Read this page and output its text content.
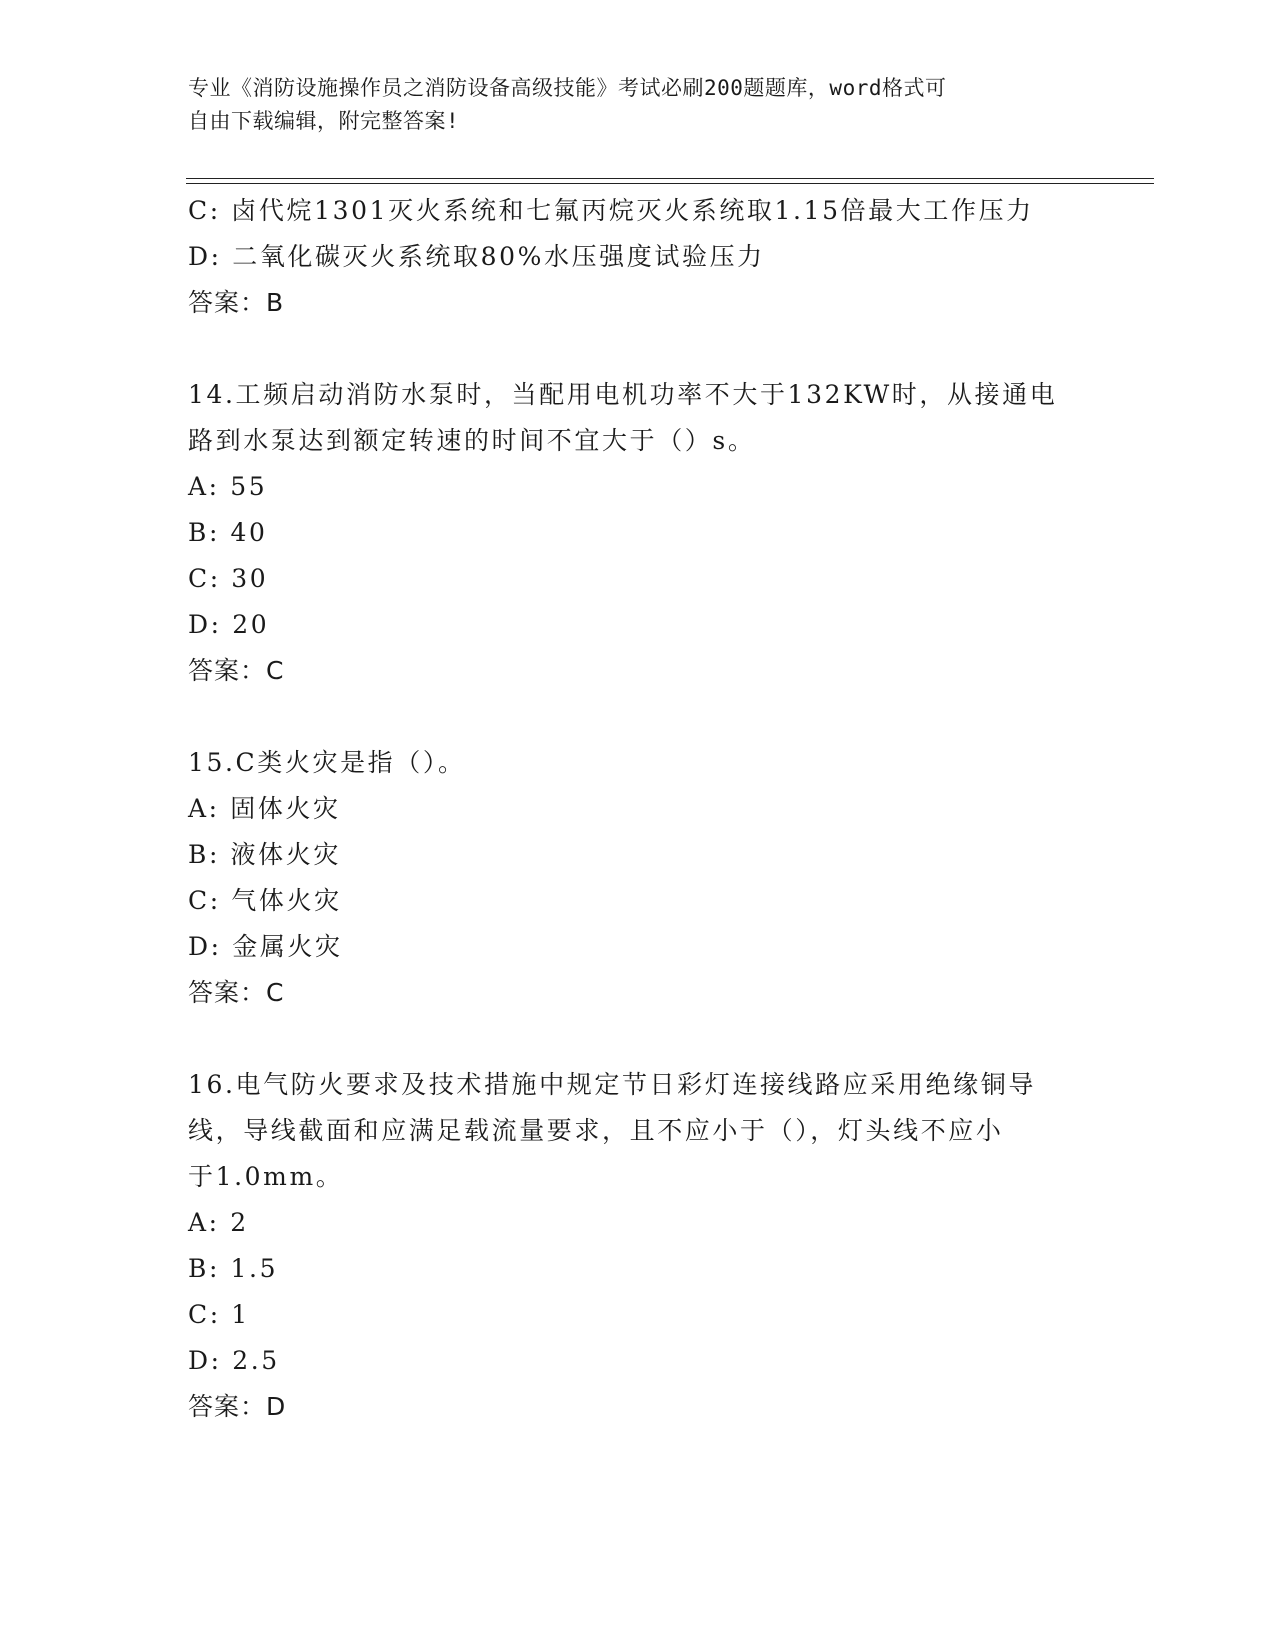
专业《消防设施操作员之消防设备高级技能》考试必刷200题题库，word格式可
自由下载编辑，附完整答案!
C: 卤代烷1301灭火系统和七氟丙烷灭火系统取1.15倍最大工作压力
D: 二氧化碳灭火系统取80%水压强度试验压力
答案：B
14.工频启动消防水泵时，当配用电机功率不大于132KW时，从接通电
路到水泵达到额定转速的时间不宜大于（）s。
A: 55
B: 40
C: 30
D: 20
答案：C
15.C类火灾是指（）。
A: 固体火灾
B: 液体火灾
C: 气体火灾
D: 金属火灾
答案：C
16.电气防火要求及技术措施中规定节日彩灯连接线路应采用绝缘铜导
线，导线截面和应满足载流量要求，且不应小于（），灯头线不应小
于1.0mm。
A: 2
B: 1.5
C: 1
D: 2.5
答案：D
